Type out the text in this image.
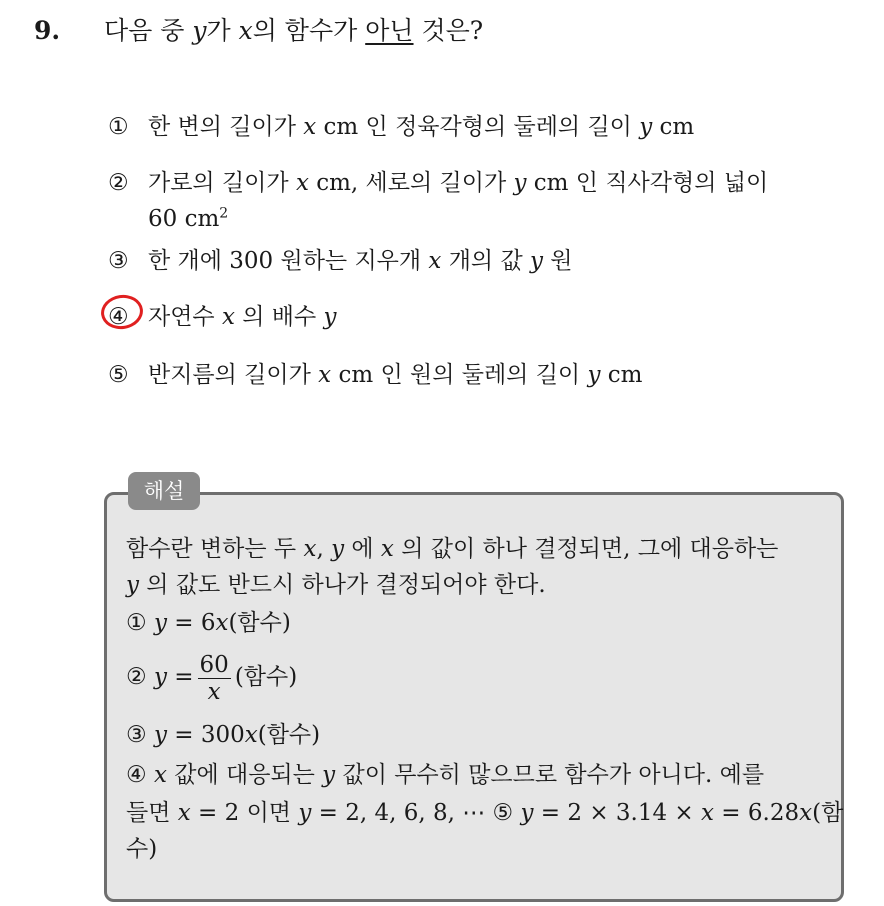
9. 다음 중 y가 x의 함수가 아닌 것은?
① 한 변의 길이가 x cm 인 정육각형의 둘레의 길이 y cm
② 가로의 길이가 x cm, 세로의 길이가 y cm 인 직사각형의 넓이
60 $cm^2$
③ 한 개에 300 원하는 지우개 x 개의 값 y 원
④ 자연수 x 의 배수 y
⑤ 반지름의 길이가 x cm 인 원의 둘레의 길이 y cm
해설
함수란 변하는 두 x, y 에 x 의 값이 하나 결정되면, 그에 대응하는
y 의 값도 반드시 하나가 결정되어야 한다.
① y = 6x(함수)
② $y = \frac{60}{x}$ (함수)
③ y = 300x(함수)
④ x 값에 대응되는 y 값이 무수히 많으므로 함수가 아니다. 예를
들면 x = 2 이면 y = 2, 4, 6, 8, ⋯ ⑤ y = 2 × 3.14 × x = 6.28x(함
수)
